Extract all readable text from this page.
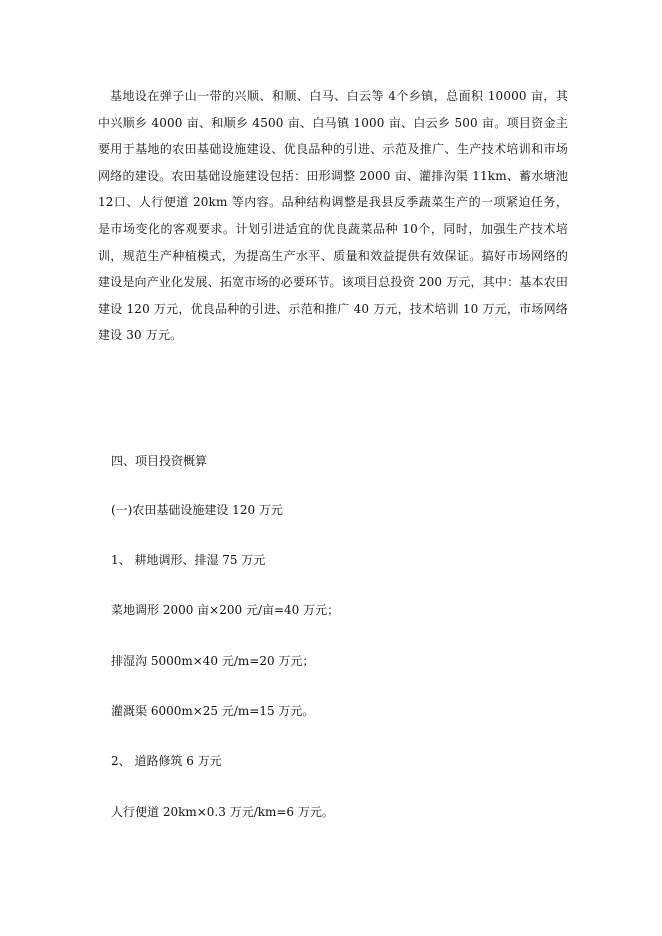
基地设在弹子山一带的兴顺、和顺、白马、白云等 4个乡镇，总面积 10000 亩，其中兴顺乡 4000 亩、和顺乡 4500 亩、白马镇 1000 亩、白云乡 500 亩。项目资金主要用于基地的农田基础设施建设、优良品种的引进、示范及推广、生产技术培训和市场网络的建设。农田基础设施建设包括：田形调整 2000 亩、灌排沟渠 11km、蓄水塘池 12口、人行便道 20km 等内容。品种结构调整是我县反季蔬菜生产的一项紧迫任务，是市场变化的客观要求。计划引进适宜的优良蔬菜品种 10个，同时，加强生产技术培训，规范生产种植模式，为提高生产水平、质量和效益提供有效保证。搞好市场网络的建设是向产业化发展、拓宽市场的必要环节。该项目总投资 200 万元，其中：基本农田建设 120 万元，优良品种的引进、示范和推广 40 万元，技术培训 10 万元，市场网络建设 30 万元。

四、项目投资概算

(一)农田基础设施建设 120 万元

1、 耕地调形、排湿 75 万元

菜地调形 2000 亩×200 元/亩=40 万元；

排湿沟 5000m×40 元/m=20 万元；

灌溉渠 6000m×25 元/m=15 万元。

2、 道路修筑 6 万元

人行便道 20km×0.3 万元/km=6 万元。
